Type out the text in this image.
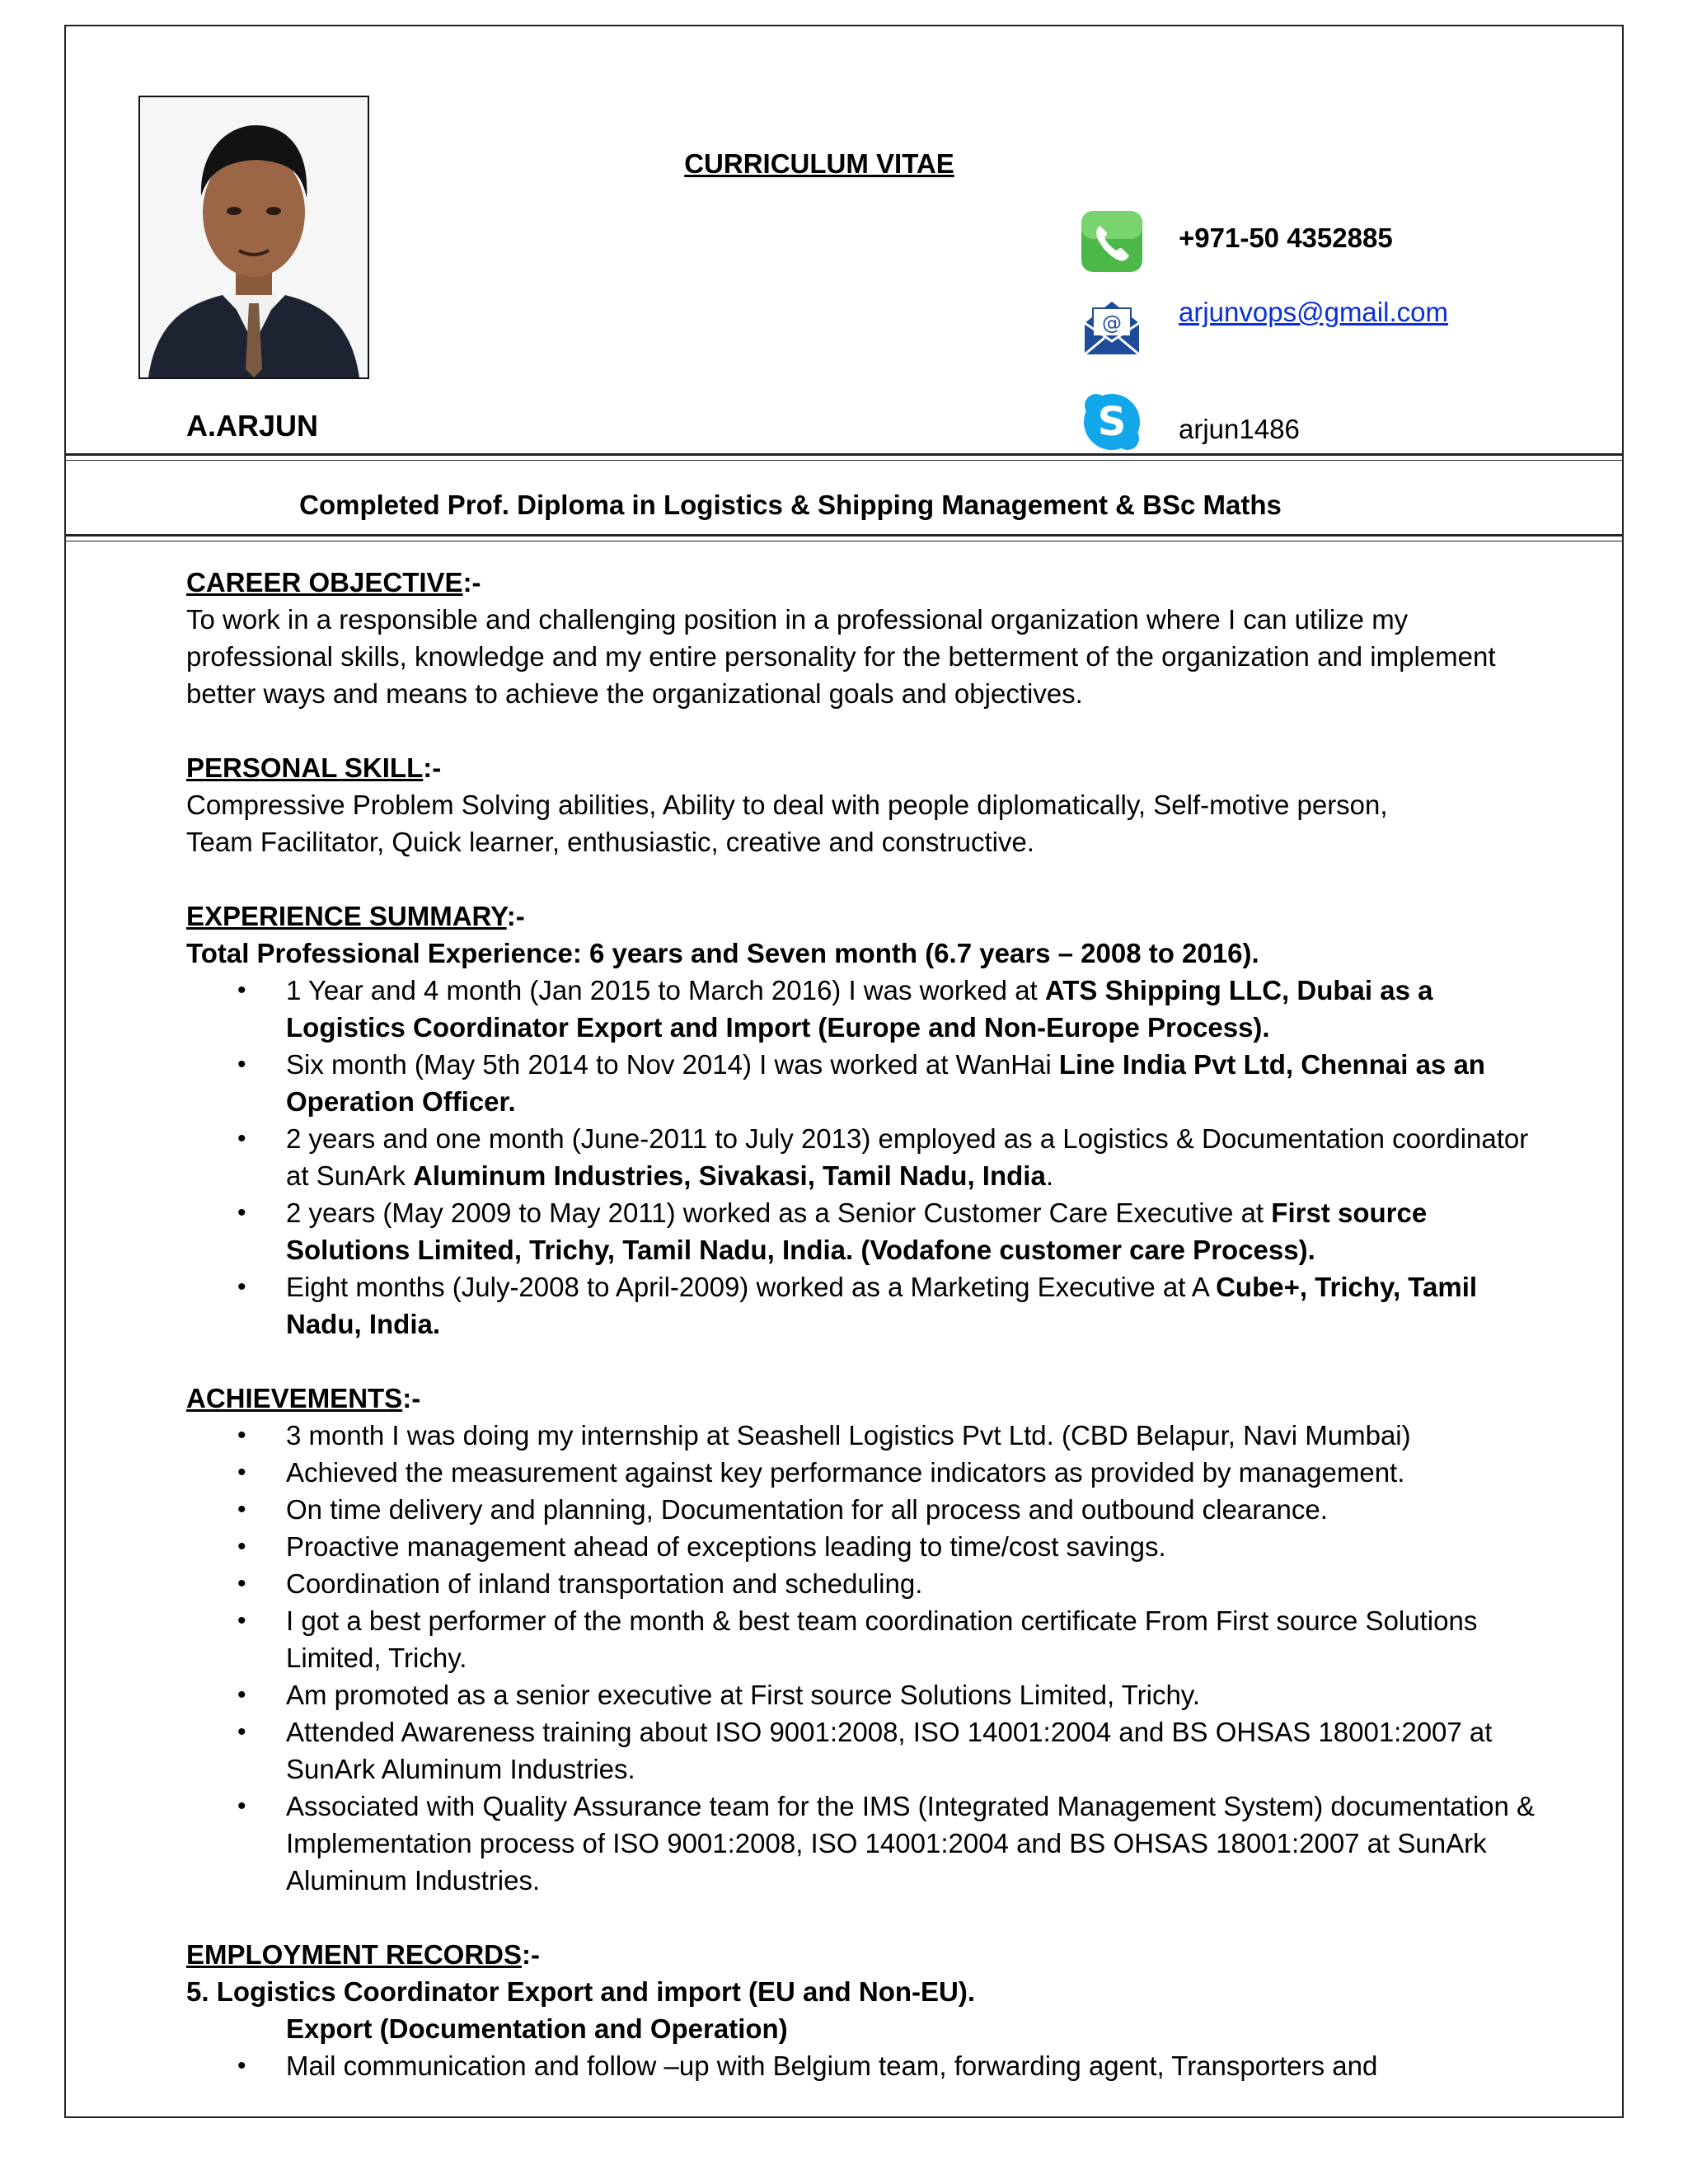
CURRICULUM VITAE
+971-50 4352885
@ arjunvops@gmail.com
S arjun1486
A.ARJUN
Completed Prof. Diploma in Logistics & Shipping Management & BSc Maths
CAREER OBJECTIVE:-

To work in a responsible and challenging position in a professional organization where I can utilize my professional skills, knowledge and my entire personality for the betterment of the organization and implement better ways and means to achieve the organizational goals and objectives.

PERSONAL SKILL:-
Compressive Problem Solving abilities, Ability to deal with people diplomatically, Self-motive person,
Team Facilitator, Quick learner, enthusiastic, creative and constructive.
EXPERIENCE SUMMARY:-
Total Professional Experience: 6 years and Seven month (6.7 years – 2008 to 2016).
• 1 Year and 4 month (Jan 2015 to March 2016) I was worked at ATS Shipping LLC, Dubai as a Logistics Coordinator Export and Import (Europe and Non-Europe Process).
• Six month (May 5th 2014 to Nov 2014) I was worked at WanHai Line India Pvt Ltd, Chennai as an Operation Officer.
• 2 years and one month (June-2011 to July 2013) employed as a Logistics & Documentation coordinator at SunArk Aluminum Industries, Sivakasi, Tamil Nadu, India.
• 2 years (May 2009 to May 2011) worked as a Senior Customer Care Executive at First source Solutions Limited, Trichy, Tamil Nadu, India. (Vodafone customer care Process).
• Eight months (July-2008 to April-2009) worked as a Marketing Executive at A Cube+, Trichy, Tamil Nadu, India.
ACHIEVEMENTS:-
• 3 month I was doing my internship at Seashell Logistics Pvt Ltd. (CBD Belapur, Navi Mumbai)
• Achieved the measurement against key performance indicators as provided by management.
• On time delivery and planning, Documentation for all process and outbound clearance.
• Proactive management ahead of exceptions leading to time/cost savings.
• Coordination of inland transportation and scheduling.
• I got a best performer of the month & best team coordination certificate From First source Solutions Limited, Trichy.
• Am promoted as a senior executive at First source Solutions Limited, Trichy.
• Attended Awareness training about ISO 9001:2008, ISO 14001:2004 and BS OHSAS 18001:2007 at SunArk Aluminum Industries.
• Associated with Quality Assurance team for the IMS (Integrated Management System) documentation & Implementation process of ISO 9001:2008, ISO 14001:2004 and BS OHSAS 18001:2007 at SunArk Aluminum Industries.
EMPLOYMENT RECORDS:-
5. Logistics Coordinator Export and import (EU and Non-EU).
Export (Documentation and Operation)
• Mail communication and follow –up with Belgium team, forwarding agent, Transporters and
